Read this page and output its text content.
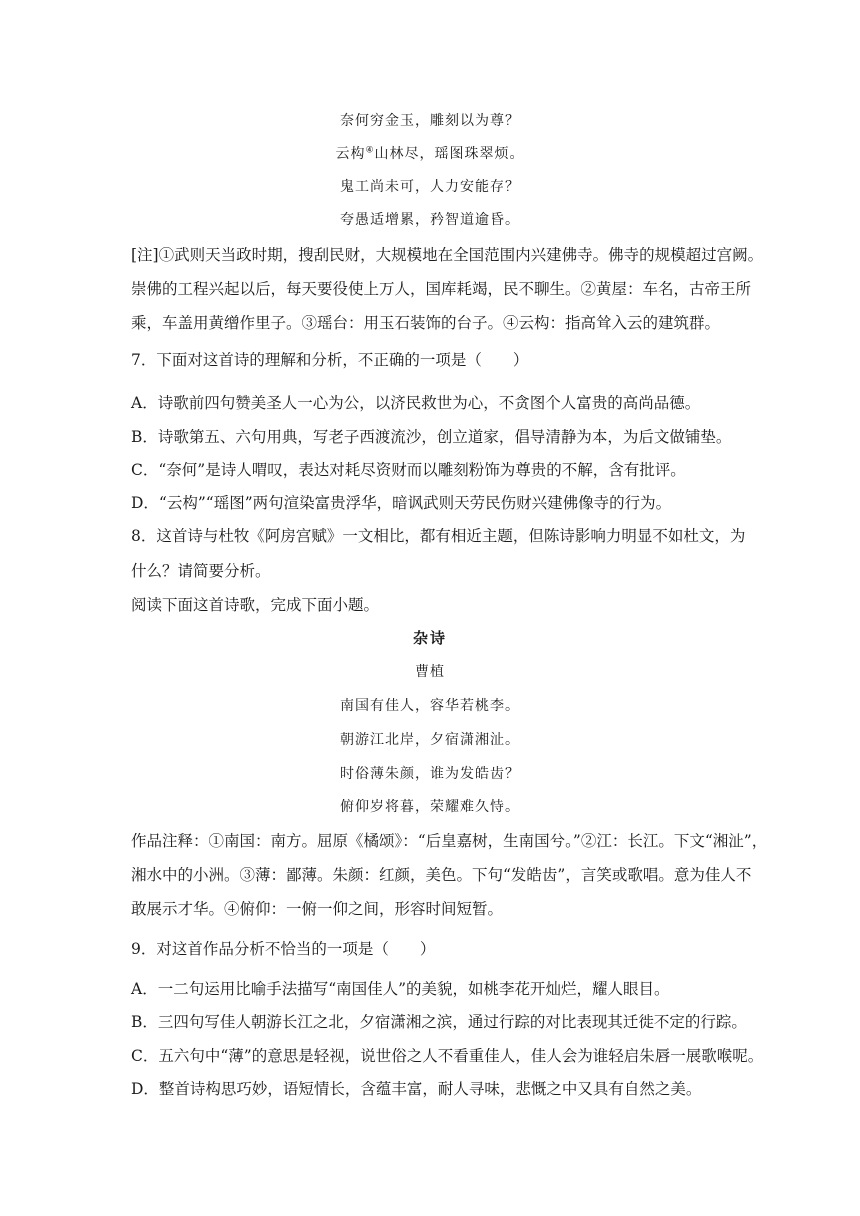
奈何穷金玉，雕刻以为尊？
云构④山林尽，瑶图珠翠烦。
鬼工尚未可，人力安能存？
夸愚适增累，矜智道逾昏。
[注]①武则天当政时期，搜刮民财，大规模地在全国范围内兴建佛寺。佛寺的规模超过宫阙。
崇佛的工程兴起以后，每天要役使上万人，国库耗竭，民不聊生。②黄屋：车名，古帝王所
乘，车盖用黄缯作里子。③瑶台：用玉石装饰的台子。④云构：指高耸入云的建筑群。
7．下面对这首诗的理解和分析，不正确的一项是（　　）
A．诗歌前四句赞美圣人一心为公，以济民救世为心，不贪图个人富贵的高尚品德。
B．诗歌第五、六句用典，写老子西渡流沙，创立道家，倡导清静为本，为后文做铺垫。
C．“奈何”是诗人喟叹，表达对耗尽资财而以雕刻粉饰为尊贵的不解，含有批评。
D．“云构”“瑶图”两句渲染富贵浮华，暗讽武则天劳民伤财兴建佛像寺的行为。
8．这首诗与杜牧《阿房宫赋》一文相比，都有相近主题，但陈诗影响力明显不如杜文，为
什么？请简要分析。
阅读下面这首诗歌，完成下面小题。
杂诗
曹植
南国有佳人，容华若桃李。
朝游江北岸，夕宿潇湘沚。
时俗薄朱颜，谁为发皓齿？
俯仰岁将暮，荣耀难久恃。
作品注释：①南国：南方。屈原《橘颂》：“后皇嘉树，生南国兮。”②江：长江。下文“湘沚”，
湘水中的小洲。③薄：鄙薄。朱颜：红颜，美色。下句“发皓齿”，言笑或歌唱。意为佳人不
敢展示才华。④俯仰：一俯一仰之间，形容时间短暂。
9．对这首作品分析不恰当的一项是（　　）
A．一二句运用比喻手法描写“南国佳人”的美貌，如桃李花开灿烂，耀人眼目。
B．三四句写佳人朝游长江之北，夕宿潇湘之滨，通过行踪的对比表现其迁徙不定的行踪。
C．五六句中“薄”的意思是轻视，说世俗之人不看重佳人，佳人会为谁轻启朱唇一展歌喉呢。
D．整首诗构思巧妙，语短情长，含蕴丰富，耐人寻味，悲慨之中又具有自然之美。
